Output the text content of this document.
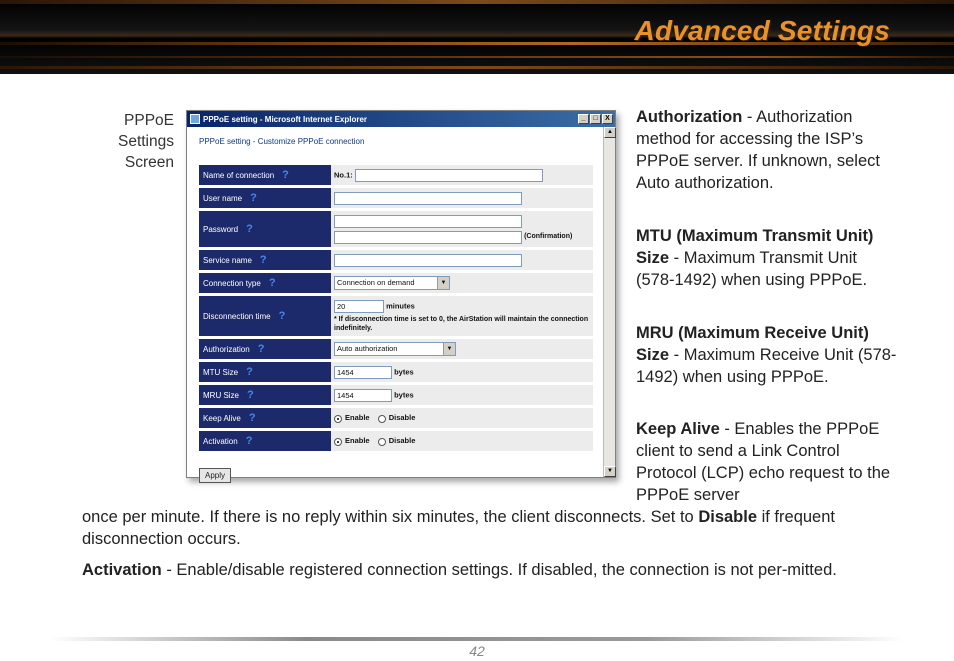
Advanced Settings
PPPoE
Settings
Screen
PPPoE setting - Microsoft Internet Explorer	_	□	X
PPPoE setting - Customize PPPoE connection
Name of connection ?	No.1:
User name ?	
Password ?	(Confirmation)
Service name ?	
Connection type ?	Connection on demand ▼

Disconnection time ?	20 minutes
* If disconnection time is set to 0, the AirStation will maintain the connection indefinitely.

Authorization ?	Auto authorization ▼

MTU Size ?	1454 bytes
MRU Size ?	1454 bytes
Keep Alive ?	Enable Disable
Activation ?	Enable Disable
Apply
▲
▼
Authorization - Authorization method for accessing the ISP’s PPPoE server. If unknown, select Auto authorization.
MTU (Maximum Transmit Unit) Size - Maximum Transmit Unit (578-1492) when using PPPoE.
MRU (Maximum Receive Unit) Size - Maximum Receive Unit (578-1492) when using PPPoE.
Keep Alive - Enables the PPPoE client to send a Link Control Protocol (LCP) echo request to the PPPoE server
once per minute. If there is no reply within six minutes, the client disconnects. Set to Disable if frequent disconnection occurs.
Activation - Enable/disable registered connection settings. If disabled, the connection is not per-mitted.
42
